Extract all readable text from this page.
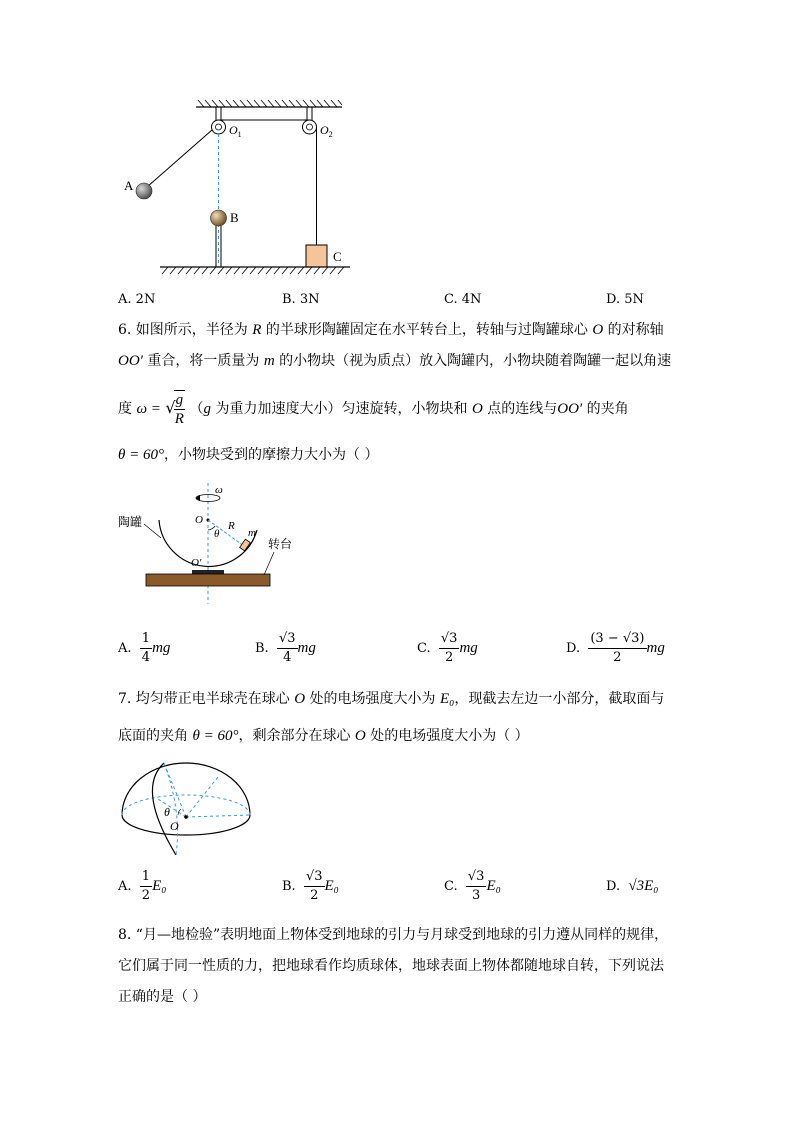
$O_1$	$O_2$
A
B
C
A. 2N	B. 3N	C. 4N	D. 5N
6. 如图所示，半径为 R 的半球形陶罐固定在水平转台上，转轴与过陶罐球心 O 的对称轴
OO′ 重合，将一质量为 m 的小物块（视为质点）放入陶罐内，小物块随着陶罐一起以角速
度 ω = √
$\frac{g}{R} (g$ 为重力加速度大小）匀速旋转，小物块和 O 点的连线与OO′ 的夹角
θ = 60°，小物块受到的摩擦力大小为（ ）
ω
O
θ
R
m
O′
陶罐
转台
A. $\frac{1}{4}$ mg	B. $\frac{√3}{4}$ mg	C. $\frac{√3}{2}$ mg	D. $\frac{(3 - √3)}{2}$ mg
7. 均匀带正电半球壳在球心 O 处的电场强度大小为 E₀，现截去左边一小部分，截取面与
底面的夹角 θ = 60°，剩余部分在球心 O 处的电场强度大小为（ ）
θ
O
A. $\frac{1}{2} E_0$	B. $\frac{√3}{2} E_0$	C. $\frac{√3}{3} E_0$	D. √3E₀
8. “月—地检验”表明地面上物体受到地球的引力与月球受到地球的引力遵从同样的规律，
它们属于同一性质的力，把地球看作均质球体，地球表面上物体都随地球自转，下列说法
正确的是（ ）
